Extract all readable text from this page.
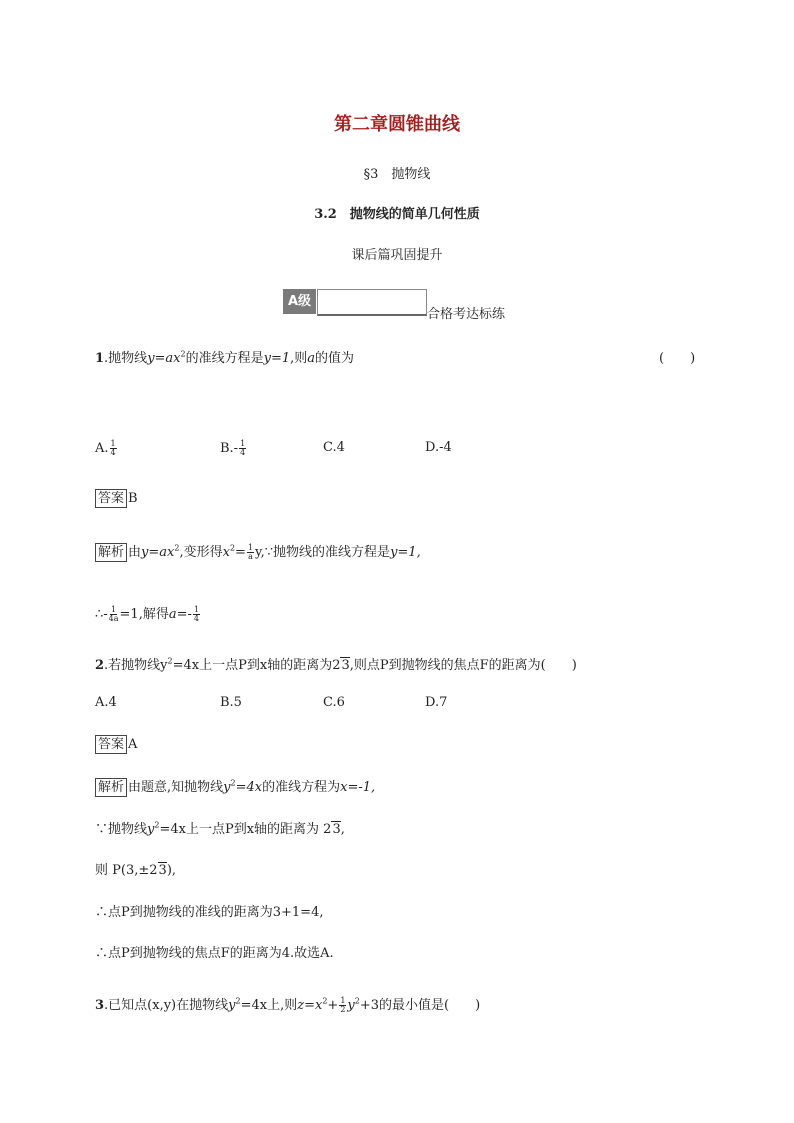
第二章圆锥曲线
§3　抛物线
3.2　抛物线的简单几何性质
课后篇巩固提升
A级
合格考达标练
1.抛物线$y=ax^2$的准线方程是y=1,则a的值为	(　　)
A. $\frac{1}{4}$	$B.- \frac{1}{4}$	C.4	D.-4
答案 B
解析 由$y=ax^2$,变形得$x^2= \frac{1}{a}$ y,∵抛物线的准线方程是y=1,
∴- $\frac{1}{4a} =1$,解得$a=- \frac{1}{4}$
2.若抛物线$y^2=4x$上一点P到x轴的距离为23,则点P到抛物线的焦点F的距离为(　　)
A.4	B.5	C.6	D.7
答案 A
解析 由题意,知抛物线$y^2=4x$的准线方程为x=-1,
∵抛物线$y^2=4x$上一点P到x轴的距离为 23,
则 P(3,±23),
∴点P到抛物线的准线的距离为3+1=4,
∴点P到抛物线的焦点F的距离为4.故选A.
3.已知点(x,y)在抛物线$y^2=4x$上,则$z=x^2+ \frac{1}{2} y^2+3$的最小值是(　　)
